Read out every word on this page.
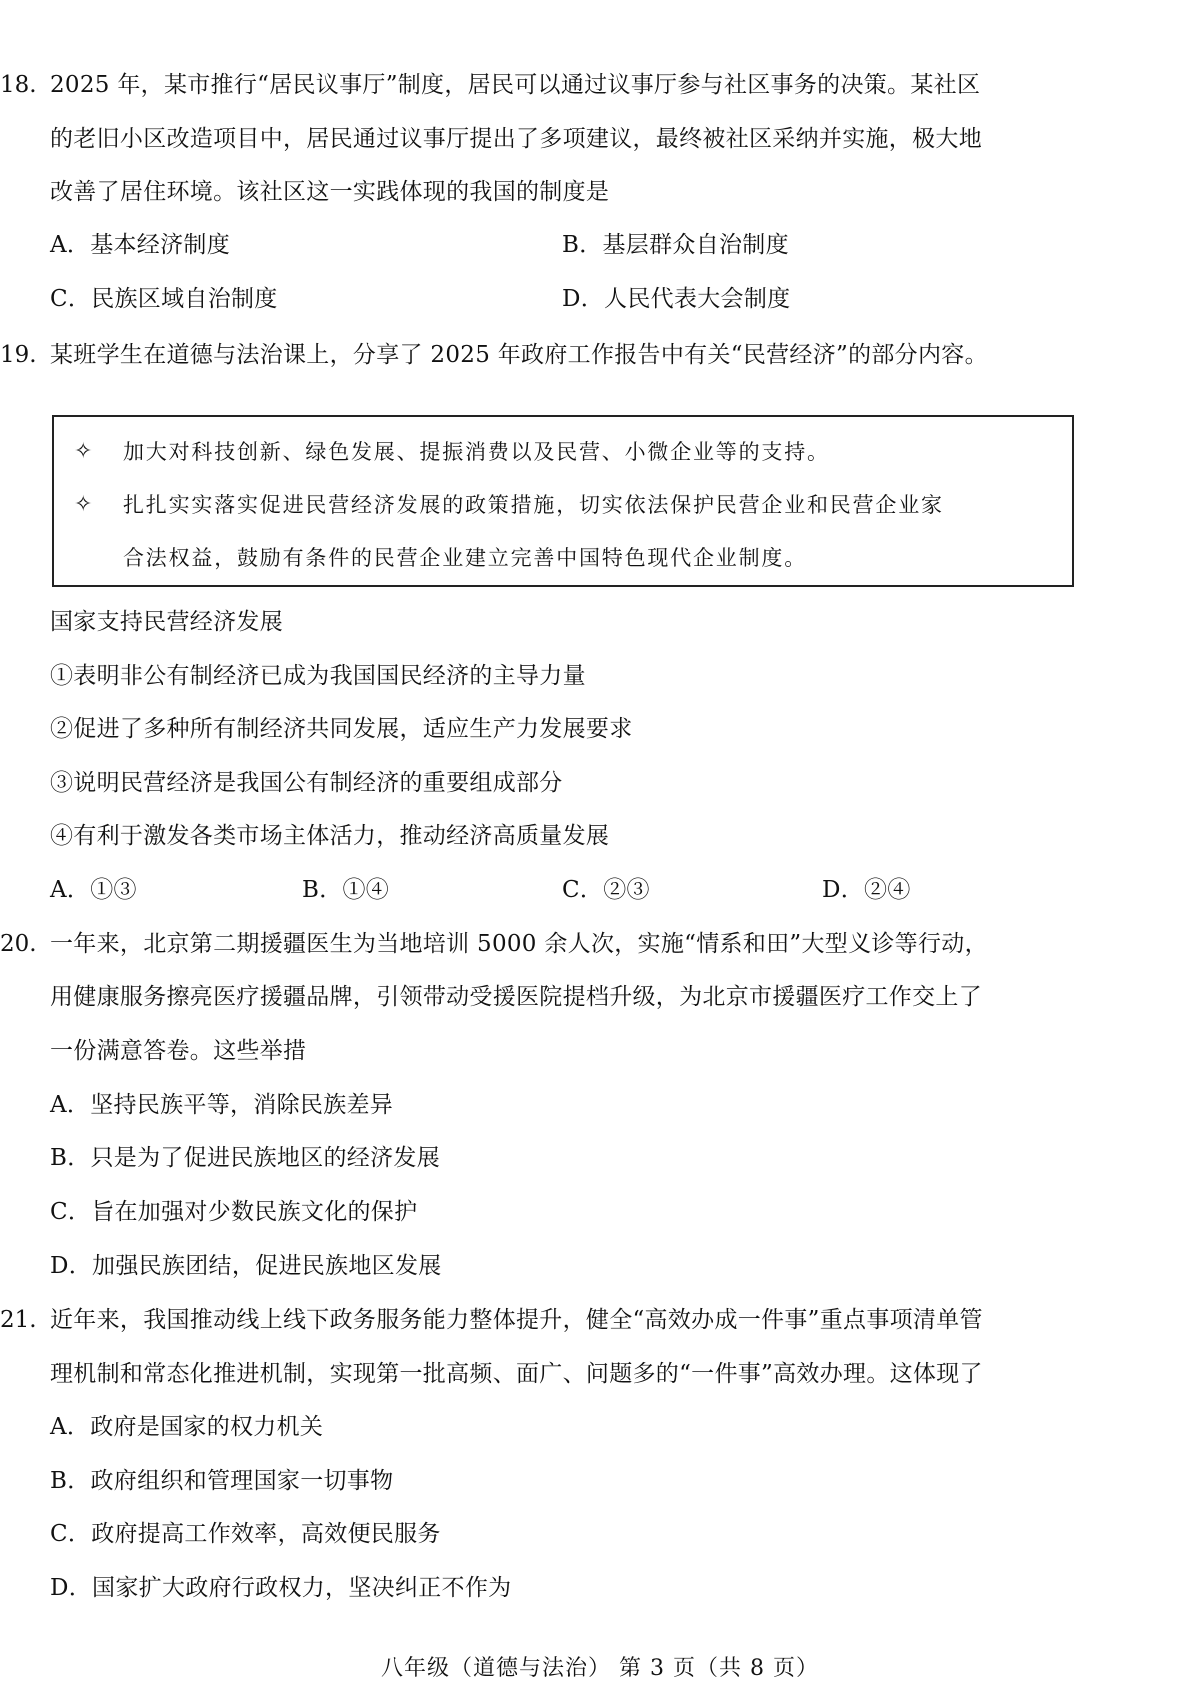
18. 2025 年，某市推行“居民议事厅”制度，居民可以通过议事厅参与社区事务的决策。某社区
的老旧小区改造项目中，居民通过议事厅提出了多项建议，最终被社区采纳并实施，极大地
改善了居住环境。该社区这一实践体现的我国的制度是
A．基本经济制度	B．基层群众自治制度
C．民族区域自治制度	D．人民代表大会制度
19. 某班学生在道德与法治课上，分享了 2025 年政府工作报告中有关“民营经济”的部分内容。
✧ 加大对科技创新、绿色发展、提振消费以及民营、小微企业等的支持。
✧ 扎扎实实落实促进民营经济发展的政策措施，切实依法保护民营企业和民营企业家
合法权益，鼓励有条件的民营企业建立完善中国特色现代企业制度。
国家支持民营经济发展
①表明非公有制经济已成为我国国民经济的主导力量
②促进了多种所有制经济共同发展，适应生产力发展要求
③说明民营经济是我国公有制经济的重要组成部分
④有利于激发各类市场主体活力，推动经济高质量发展
A．①③	B．①④	C．②③	D．②④
20. 一年来，北京第二期援疆医生为当地培训 5000 余人次，实施“情系和田”大型义诊等行动，
用健康服务擦亮医疗援疆品牌，引领带动受援医院提档升级，为北京市援疆医疗工作交上了
一份满意答卷。这些举措
A．坚持民族平等，消除民族差异
B．只是为了促进民族地区的经济发展
C．旨在加强对少数民族文化的保护
D．加强民族团结，促进民族地区发展
21. 近年来，我国推动线上线下政务服务能力整体提升，健全“高效办成一件事”重点事项清单管
理机制和常态化推进机制，实现第一批高频、面广、问题多的“一件事”高效办理。这体现了
A．政府是国家的权力机关
B．政府组织和管理国家一切事物
C．政府提高工作效率，高效便民服务
D．国家扩大政府行政权力，坚决纠正不作为
八年级（道德与法治） 第 3 页（共 8 页）
